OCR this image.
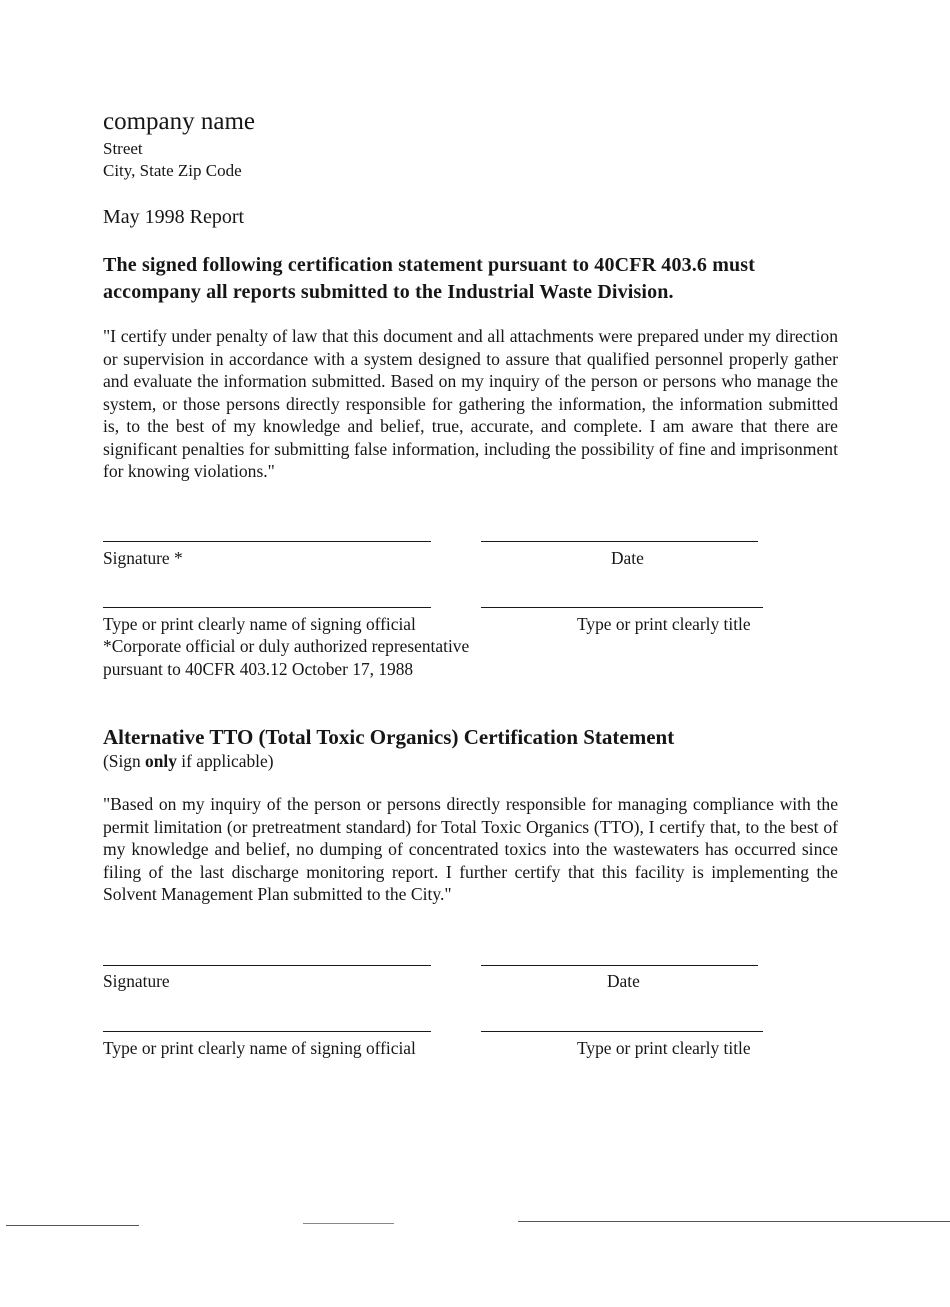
company name
Street
City, State Zip Code
May 1998 Report
The signed following certification statement pursuant to 40CFR 403.6 must accompany all reports submitted to the Industrial Waste Division.
"I certify under penalty of law that this document and all attachments were prepared under my direction or supervision in accordance with a system designed to assure that qualified personnel properly gather and evaluate the information submitted. Based on my inquiry of the person or persons who manage the system, or those persons directly responsible for gathering the information, the information submitted is, to the best of my knowledge and belief, true, accurate, and complete. I am aware that there are significant penalties for submitting false information, including the possibility of fine and imprisonment for knowing violations."
Signature *	Date
Type or print clearly name of signing official	Type or print clearly title
*Corporate official or duly authorized representative
pursuant to 40CFR 403.12 October 17, 1988
Alternative TTO (Total Toxic Organics) Certification Statement
(Sign only if applicable)
"Based on my inquiry of the person or persons directly responsible for managing compliance with the permit limitation (or pretreatment standard) for Total Toxic Organics (TTO), I certify that, to the best of my knowledge and belief, no dumping of concentrated toxics into the wastewaters has occurred since filing of the last discharge monitoring report. I further certify that this facility is implementing the Solvent Management Plan submitted to the City."
Signature	Date
Type or print clearly name of signing official	Type or print clearly title
